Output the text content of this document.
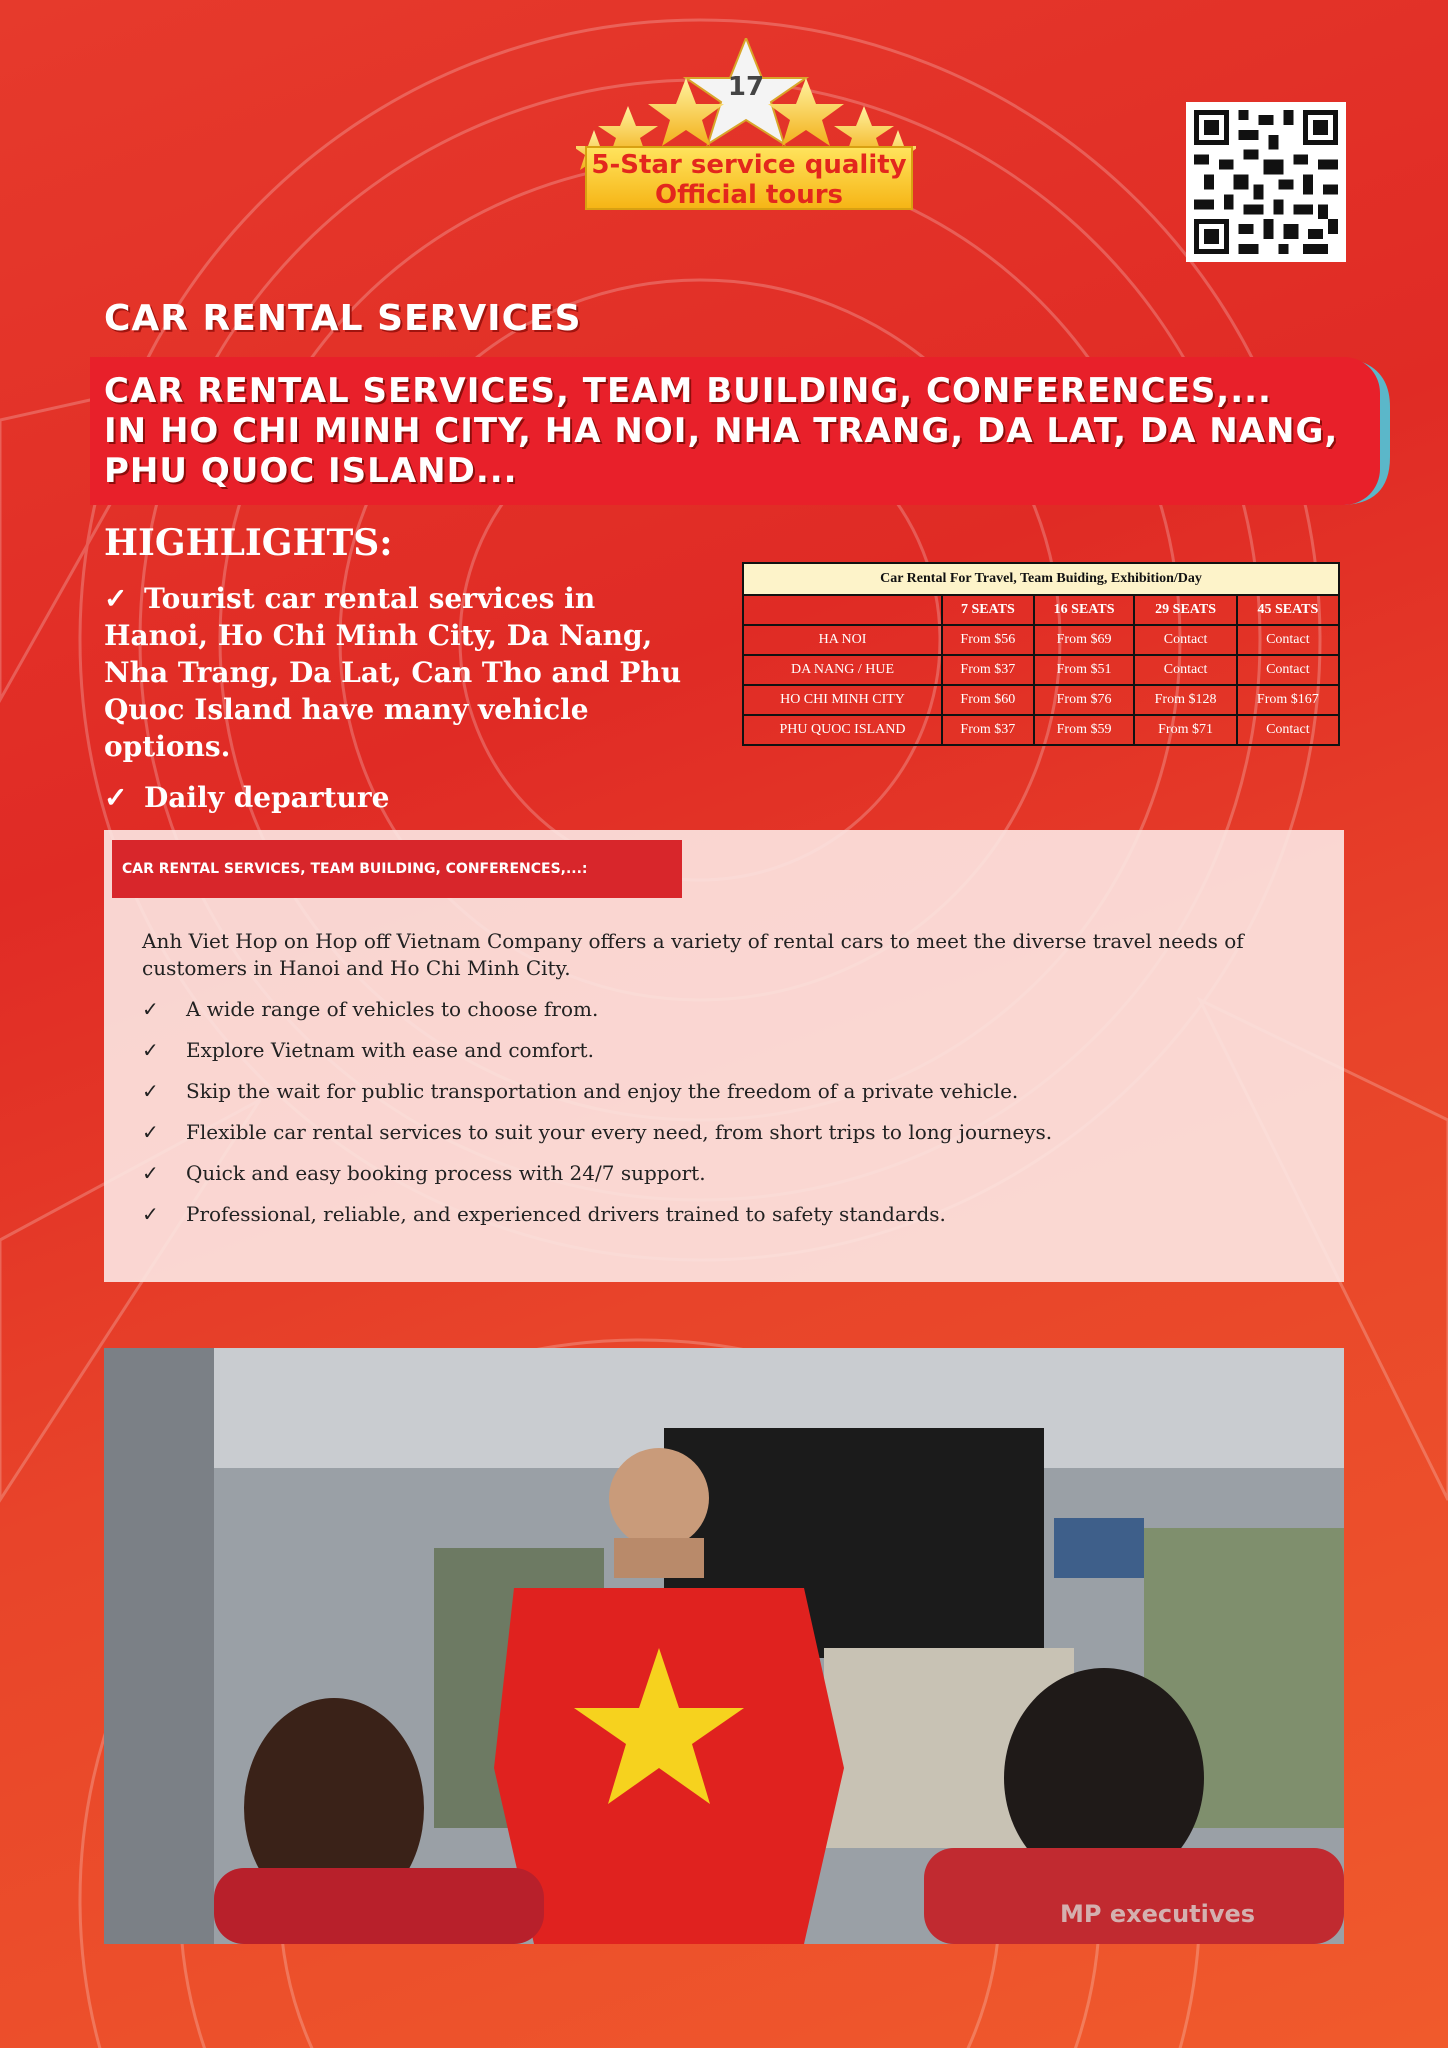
17
5-Star service quality
Official tours
CAR RENTAL SERVICES

CAR RENTAL SERVICES, TEAM BUILDING, CONFERENCES,...

IN HO CHI MINH CITY, HA NOI, NHA TRANG, DA LAT, DA NANG,

PHU QUOC ISLAND...

HIGHLIGHTS:
✓ Tourist car rental services in Hanoi, Ho Chi Minh City, Da Nang, Nha Trang, Da Lat, Can Tho and Phu Quoc Island have many vehicle options.
✓ Daily departure
Car Rental For Travel, Team Buiding, Exhibition/Day				
	7 SEATS	16 SEATS	29 SEATS	45 SEATS
HA NOI	From $56	From $69	Contact	Contact
DA NANG / HUE	From $37	From $51	Contact	Contact
HO CHI MINH CITY	From $60	From $76	From $128	From $167
PHU QUOC ISLAND	From $37	From $59	From $71	Contact
CAR RENTAL SERVICES, TEAM BUILDING, CONFERENCES,...:
Anh Viet Hop on Hop off Vietnam Company offers a variety of rental cars to meet the diverse travel needs of customers in Hanoi and Ho Chi Minh City.
✓ A wide range of vehicles to choose from.
✓ Explore Vietnam with ease and comfort.
✓ Skip the wait for public transportation and enjoy the freedom of a private vehicle.
✓ Flexible car rental services to suit your every need, from short trips to long journeys.
✓ Quick and easy booking process with 24/7 support.
✓ Professional, reliable, and experienced drivers trained to safety standards.
MP executives
